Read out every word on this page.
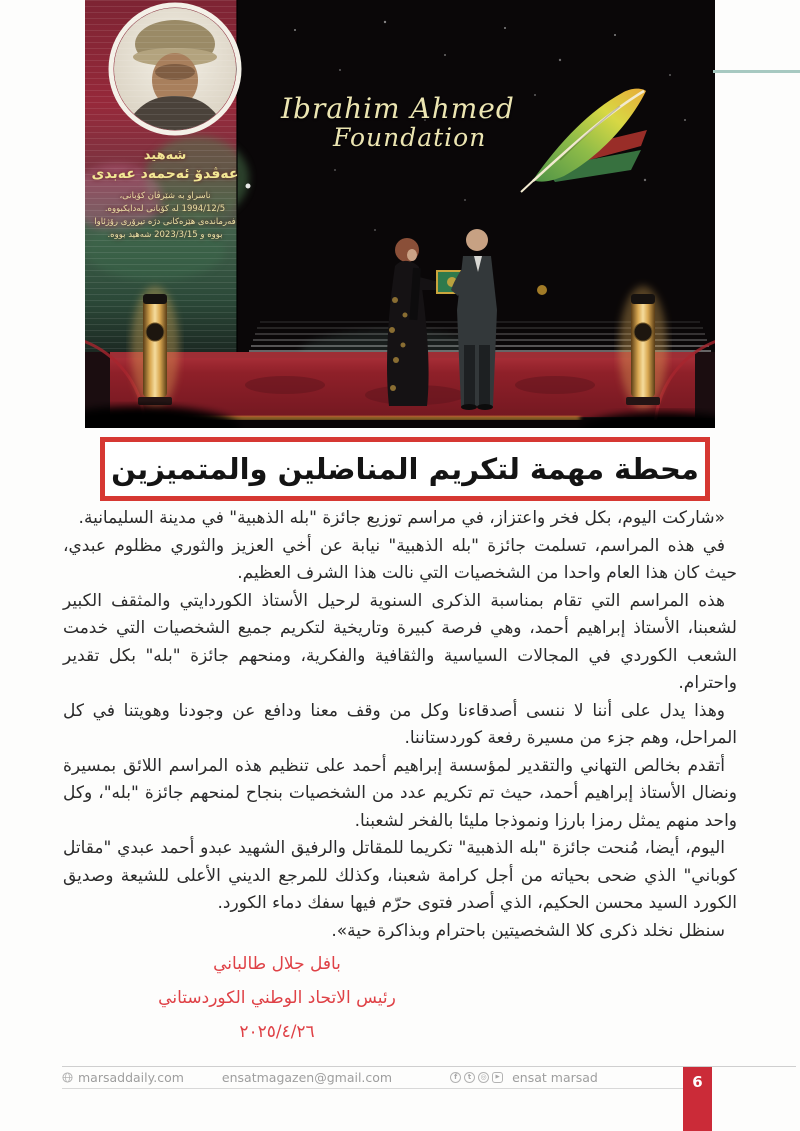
شەهید
عەڤدۆ ئەحمەد عەبدی
ناسراو بە شێرڤان کۆبانی،
1994/12/5 لە کۆبانی لەدایکبووە.
فەرماندەی هێزەکانی دژە تیرۆری رۆژئاوا
بووە و 2023/3/15 شەهید بووە.
Ibrahim Ahmed
Foundation
محطة مهمة لتكريم المناضلين والمتميزين

«شاركت اليوم، بكل فخر واعتزاز، في مراسم توزيع جائزة "بله الذهبية" في مدينة السليمانية.

في هذه المراسم، تسلمت جائزة "بله الذهبية" نيابة عن أخي العزيز والثوري مظلوم عبدي، حيث كان هذا العام واحدا من الشخصيات التي نالت هذا الشرف العظيم.

هذه المراسم التي تقام بمناسبة الذكرى السنوية لرحيل الأستاذ الكوردايتي والمثقف الكبير لشعبنا، الأستاذ إبراهيم أحمد، وهي فرصة كبيرة وتاريخية لتكريم جميع الشخصيات التي خدمت الشعب الكوردي في المجالات السياسية والثقافية والفكرية، ومنحهم جائزة "بله" بكل تقدير واحترام.

وهذا يدل على أننا لا ننسى أصدقاءنا وكل من وقف معنا ودافع عن وجودنا وهويتنا في كل المراحل، وهم جزء من مسيرة رفعة كوردستاننا.

أتقدم بخالص التهاني والتقدير لمؤسسة إبراهيم أحمد على تنظيم هذه المراسم اللائق بمسيرة ونضال الأستاذ إبراهيم أحمد، حيث تم تكريم عدد من الشخصيات بنجاح لمنحهم جائزة "بله"، وكل واحد منهم يمثل رمزا بارزا ونموذجا مليئا بالفخر لشعبنا.

اليوم، أيضا، مُنحت جائزة "بله الذهبية" تكريما للمقاتل والرفيق الشهيد عبدو أحمد عبدي "مقاتل كوباني" الذي ضحى بحياته من أجل كرامة شعبنا، وكذلك للمرجع الديني الأعلى للشيعة وصديق الكورد السيد محسن الحكيم، الذي أصدر فتوى حرّم فيها سفك دماء الكورد.

سنظل نخلد ذكرى كلا الشخصيتين باحترام وبذاكرة حية».

بافل جلال طالباني
رئيس الاتحاد الوطني الكوردستاني
٢٠٢٥/٤/٢٦
marsaddaily.com	ensatmagazen@gmail.com	f	t	◎	▶ ensat marsad	6
